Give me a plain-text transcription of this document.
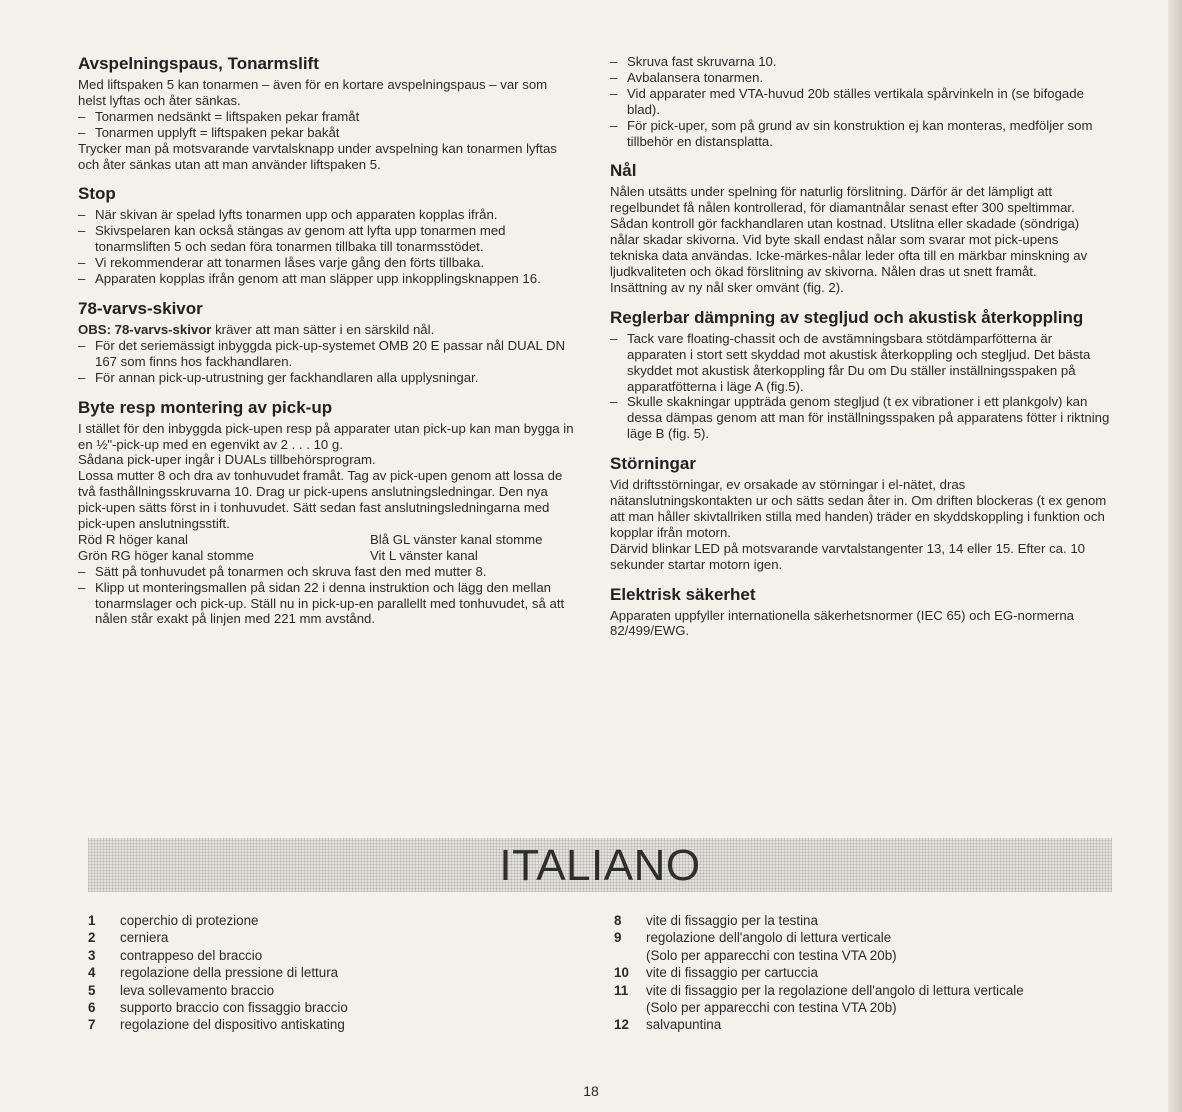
Avspelningspaus, Tonarmslift

Med liftspaken 5 kan tonarmen – även för en kortare avspelningspaus – var som helst lyftas och åter sänkas.

– Tonarmen nedsänkt = liftspaken pekar framåt
– Tonarmen upplyft = liftspaken pekar bakåt

Trycker man på motsvarande varvtalsknapp under avspelning kan tonarmen lyftas och åter sänkas utan att man använder liftspaken 5.

Stop
– När skivan är spelad lyfts tonarmen upp och apparaten kopplas ifrån.
– Skivspelaren kan också stängas av genom att lyfta upp tonarmen med tonarmsliften 5 och sedan föra tonarmen tillbaka till tonarmsstödet.
– Vi rekommenderar att tonarmen låses varje gång den förts tillbaka.
– Apparaten kopplas ifrån genom att man släpper upp inkopplingsknappen 16.
78-varvs-skivor

OBS: 78-varvs-skivor kräver att man sätter i en särskild nål.

– För det seriemässigt inbyggda pick-up-systemet OMB 20 E passar nål DUAL DN 167 som finns hos fackhandlaren.
– För annan pick-up-utrustning ger fackhandlaren alla upplysningar.
Byte resp montering av pick-up

I stället för den inbyggda pick-upen resp på apparater utan pick-up kan man bygga in en ½"-pick-up med en egenvikt av 2 . . . 10 g.

Sådana pick-uper ingår i DUALs tillbehörsprogram.

Lossa mutter 8 och dra av tonhuvudet framåt. Tag av pick-upen genom att lossa de två fasthållningsskruvarna 10. Drag ur pick-upens anslutningsledningar. Den nya pick-upen sätts först in i tonhuvudet. Sätt sedan fast anslutningsledningarna med pick-upen anslutningsstift.

Röd R höger kanal	Blå GL vänster kanal stomme
Grön RG höger kanal stomme	Vit L vänster kanal
– Sätt på tonhuvudet på tonarmen och skruva fast den med mutter 8.
– Klipp ut monteringsmallen på sidan 22 i denna instruktion och lägg den mellan tonarmslager och pick-up. Ställ nu in pick-up-en parallellt med tonhuvudet, så att nålen står exakt på linjen med 221 mm avstånd.
– Skruva fast skruvarna 10.
– Avbalansera tonarmen.
– Vid apparater med VTA-huvud 20b ställes vertikala spårvinkeln in (se bifogade blad).
– För pick-uper, som på grund av sin konstruktion ej kan monteras, medföljer som tillbehör en distansplatta.
Nål

Nålen utsätts under spelning för naturlig förslitning. Därför är det lämpligt att regelbundet få nålen kontrollerad, för diamantnålar senast efter 300 speltimmar. Sådan kontroll gör fackhandlaren utan kostnad. Utslitna eller skadade (söndriga) nålar skadar skivorna. Vid byte skall endast nålar som svarar mot pick-upens tekniska data användas. Icke-märkes-nålar leder ofta till en märkbar minskning av ljudkvaliteten och ökad förslitning av skivorna. Nålen dras ut snett framåt.

Insättning av ny nål sker omvänt (fig. 2).

Reglerbar dämpning av stegljud och akustisk återkoppling
– Tack vare floating-chassit och de avstämningsbara stötdämparfötterna är apparaten i stort sett skyddad mot akustisk återkoppling och stegljud. Det bästa skyddet mot akustisk återkoppling får Du om Du ställer inställningsspaken på apparatfötterna i läge A (fig.5).
– Skulle skakningar uppträda genom stegljud (t ex vibrationer i ett plankgolv) kan dessa dämpas genom att man för inställningsspaken på apparatens fötter i riktning läge B (fig. 5).
Störningar

Vid driftsstörningar, ev orsakade av störningar i el-nätet, dras nätanslutningskontakten ur och sätts sedan åter in. Om driften blockeras (t ex genom att man håller skivtallriken stilla med handen) träder en skyddskoppling i funktion och kopplar ifrån motorn.

Därvid blinkar LED på motsvarande varvtalstangenter 13, 14 eller 15. Efter ca. 10 sekunder startar motorn igen.

Elektrisk säkerhet

Apparaten uppfyller internationella säkerhetsnormer (IEC 65) och EG-normerna 82/499/EWG.

ITALIANO
1	coperchio di protezione
2	cerniera
3	contrappeso del braccio
4	regolazione della pressione di lettura
5	leva sollevamento braccio
6	supporto braccio con fissaggio braccio
7	regolazione del dispositivo antiskating
8	vite di fissaggio per la testina
9	regolazione dell'angolo di lettura verticale
(Solo per apparecchi con testina VTA 20b)
10	vite di fissaggio per cartuccia
11	vite di fissaggio per la regolazione dell'angolo di lettura verticale
(Solo per apparecchi con testina VTA 20b)
12	salvapuntina
18
